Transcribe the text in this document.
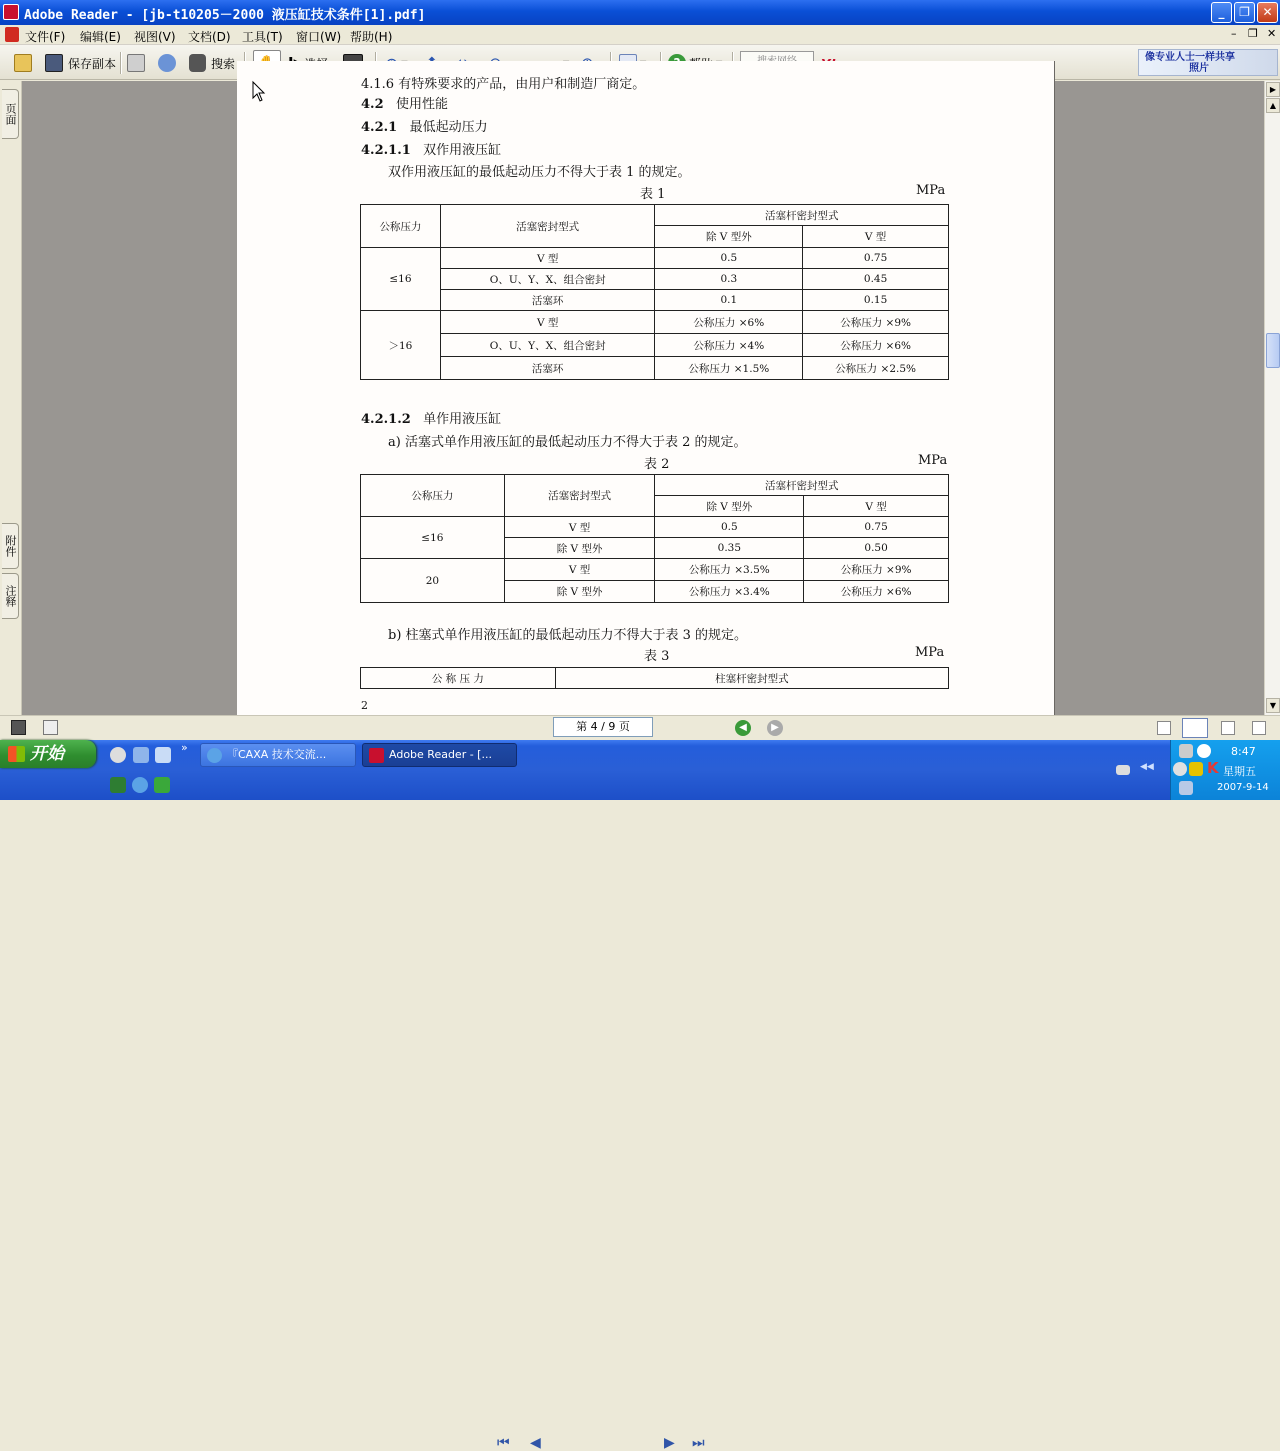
Adobe Reader - [jb-t10205－2000 液压缸技术条件[1].pdf]	_	❐	✕
文件(F) 编辑(E) 视图(V) 文档(D) 工具(T) 窗口(W) 帮助(H)	– ❐ ✕
保存副本	搜索	像专业人士一样共享
照片
页面
附件
注释
4.1.6 有特殊要求的产品，由用户和制造厂商定。
4.2 使用性能
4.2.1 最低起动压力
4.2.1.1 双作用液压缸
双作用液压缸的最低起动压力不得大于表 1 的规定。
表 1	MPa
公称压力	活塞密封型式	活塞杆密封型式	
		除 V 型外	V 型
≤16	V 型	0.5	0.75
	O、U、Y、X、组合密封	0.3	0.45
	活塞环	0.1	0.15
＞16	V 型	公称压力 ×6%	公称压力 ×9%
	O、U、Y、X、组合密封	公称压力 ×4%	公称压力 ×6%
	活塞环	公称压力 ×1.5%	公称压力 ×2.5%
4.2.1.2 单作用液压缸
a) 活塞式单作用液压缸的最低起动压力不得大于表 2 的规定。
表 2	MPa
公称压力	活塞密封型式	活塞杆密封型式	
		除 V 型外	V 型
≤16	V 型	0.5	0.75
	除 V 型外	0.35	0.50
20	V 型	公称压力 ×3.5%	公称压力 ×9%
	除 V 型外	公称压力 ×3.4%	公称压力 ×6%
b) 柱塞式单作用液压缸的最低起动压力不得大于表 3 的规定。
表 3	MPa
公 称 压 力	柱塞杆密封型式
2
▶
▲
▼
⏮ ◀	▶ ⏭
◀	▶
第 4 / 9 页
开始	»
『CAXA 技术交流...	Adobe Reader - [...
◀◀	K
8:47
星期五
2007-9-14
